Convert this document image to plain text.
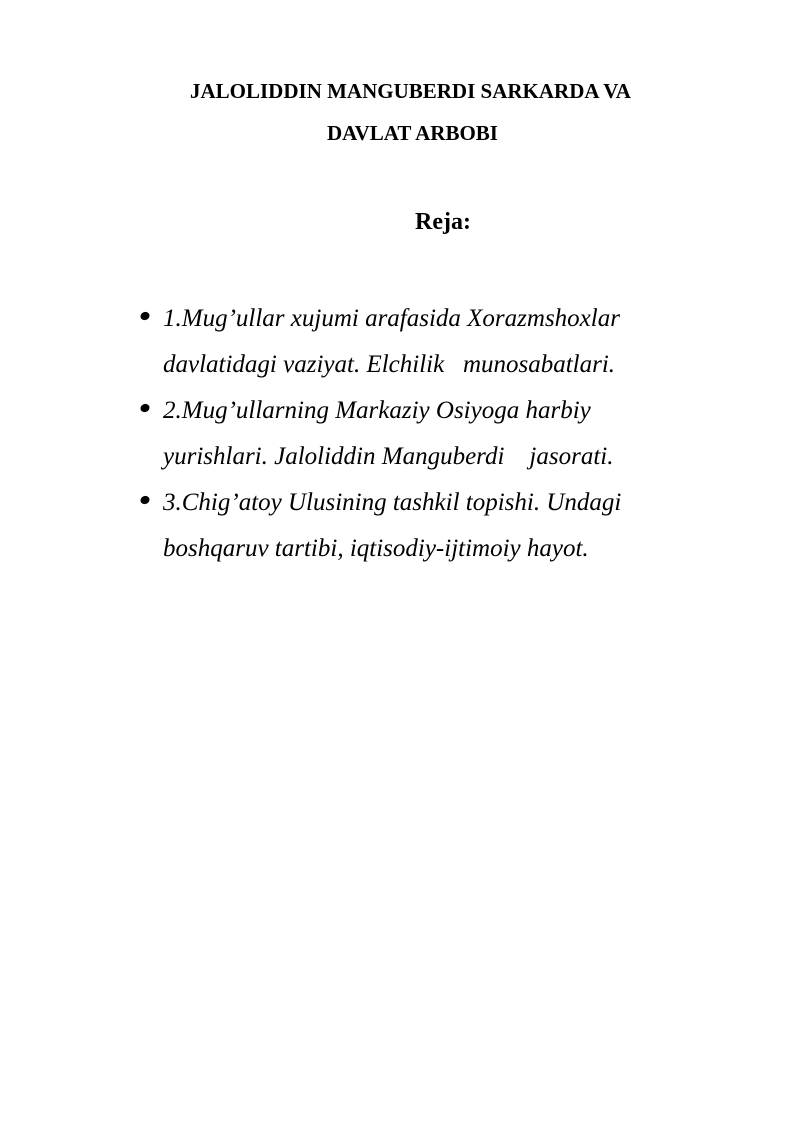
JALOLIDDIN MANGUBERDI SARKARDA VA
DAVLAT ARBOBI
Reja:
1.Mug’ullar xujumi arafasida Xorazmshoxlar
davlatidagi vaziyat. Elchilik   munosabatlari.
2.Mug’ullarning Markaziy Osiyoga harbiy
yurishlari. Jaloliddin Manguberdi    jasorati.
3.Chig’atoy Ulusining tashkil topishi. Undagi
boshqaruv tartibi, iqtisodiy-ijtimoiy hayot.
